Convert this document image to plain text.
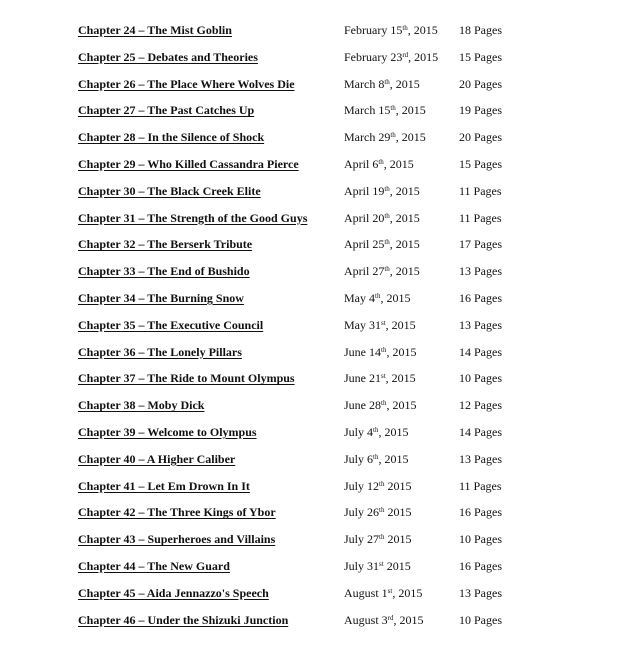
Chapter 24 – The Mist Goblin	February 15th, 2015 18 Pages
Chapter 25 – Debates and Theories	February 23rd, 2015 15 Pages
Chapter 26 – The Place Where Wolves Die	March 8th, 2015	20 Pages
Chapter 27 – The Past Catches Up	March 15th, 2015	19 Pages
Chapter 28 – In the Silence of Shock	March 29th, 2015	20 Pages
Chapter 29 – Who Killed Cassandra Pierce	April 6th, 2015	15 Pages
Chapter 30 – The Black Creek Elite	April 19th, 2015	11 Pages
Chapter 31 – The Strength of the Good Guys	April 20th, 2015	11 Pages
Chapter 32 – The Berserk Tribute	April 25th, 2015	17 Pages
Chapter 33 – The End of Bushido	April 27th, 2015	13 Pages
Chapter 34 – The Burning Snow	May 4th, 2015	16 Pages
Chapter 35 – The Executive Council	May 31st, 2015	13 Pages
Chapter 36 – The Lonely Pillars	June 14th, 2015	14 Pages
Chapter 37 – The Ride to Mount Olympus	June 21st, 2015	10 Pages
Chapter 38 – Moby Dick	June 28th, 2015	12 Pages
Chapter 39 – Welcome to Olympus	July 4th, 2015	14 Pages
Chapter 40 – A Higher Caliber	July 6th, 2015	13 Pages
Chapter 41 – Let Em Drown In It	July 12th 2015	11 Pages
Chapter 42 – The Three Kings of Ybor	July 26th 2015	16 Pages
Chapter 43 – Superheroes and Villains	July 27th 2015	10 Pages
Chapter 44 – The New Guard	July 31st 2015	16 Pages
Chapter 45 – Aida Jennazzo's Speech	August 1st, 2015	13 Pages
Chapter 46 – Under the Shizuki Junction	August 3rd, 2015	10 Pages
